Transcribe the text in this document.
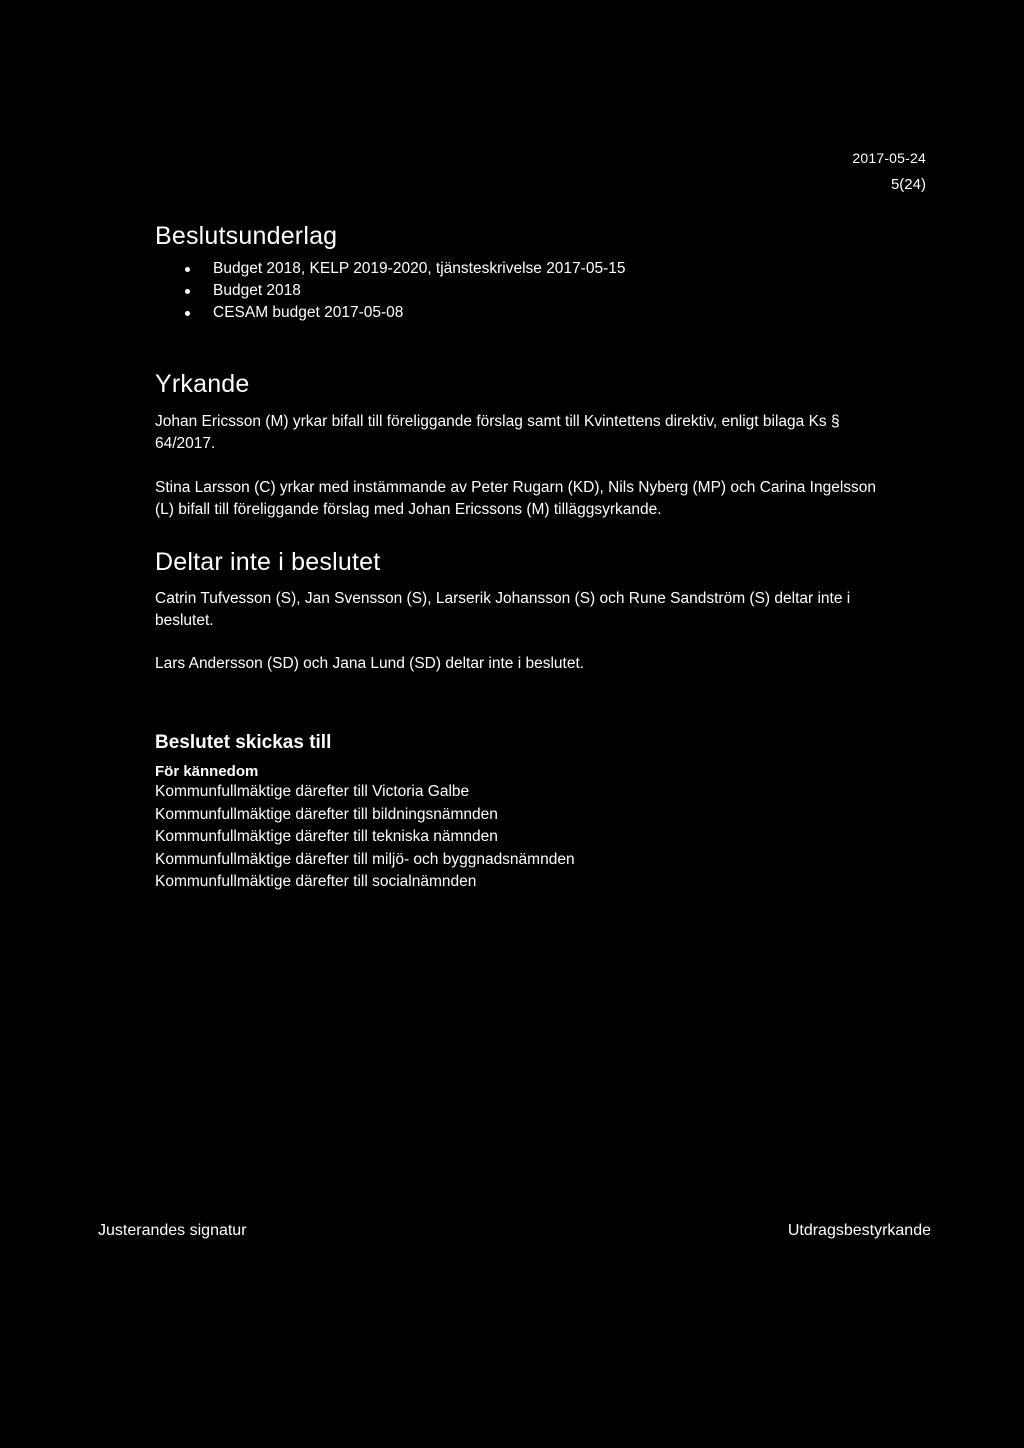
2017-05-24
5(24)
Beslutsunderlag
Budget 2018, KELP 2019-2020, tjänsteskrivelse 2017-05-15
Budget 2018
CESAM budget 2017-05-08
Yrkande

Johan Ericsson (M) yrkar bifall till föreliggande förslag samt till Kvintettens direktiv, enligt bilaga Ks § 64/2017.

Stina Larsson (C) yrkar med instämmande av Peter Rugarn (KD), Nils Nyberg (MP) och Carina Ingelsson (L) bifall till föreliggande förslag med Johan Ericssons (M) tilläggsyrkande.

Deltar inte i beslutet

Catrin Tufvesson (S), Jan Svensson (S), Larserik Johansson (S) och Rune Sandström (S) deltar inte i beslutet.

Lars Andersson (SD) och Jana Lund (SD) deltar inte i beslutet.

Beslutet skickas till
För kännedom
Kommunfullmäktige därefter till Victoria Galbe
Kommunfullmäktige därefter till bildningsnämnden
Kommunfullmäktige därefter till tekniska nämnden
Kommunfullmäktige därefter till miljö- och byggnadsnämnden
Kommunfullmäktige därefter till socialnämnden
Justerandes signatur	Utdragsbestyrkande
